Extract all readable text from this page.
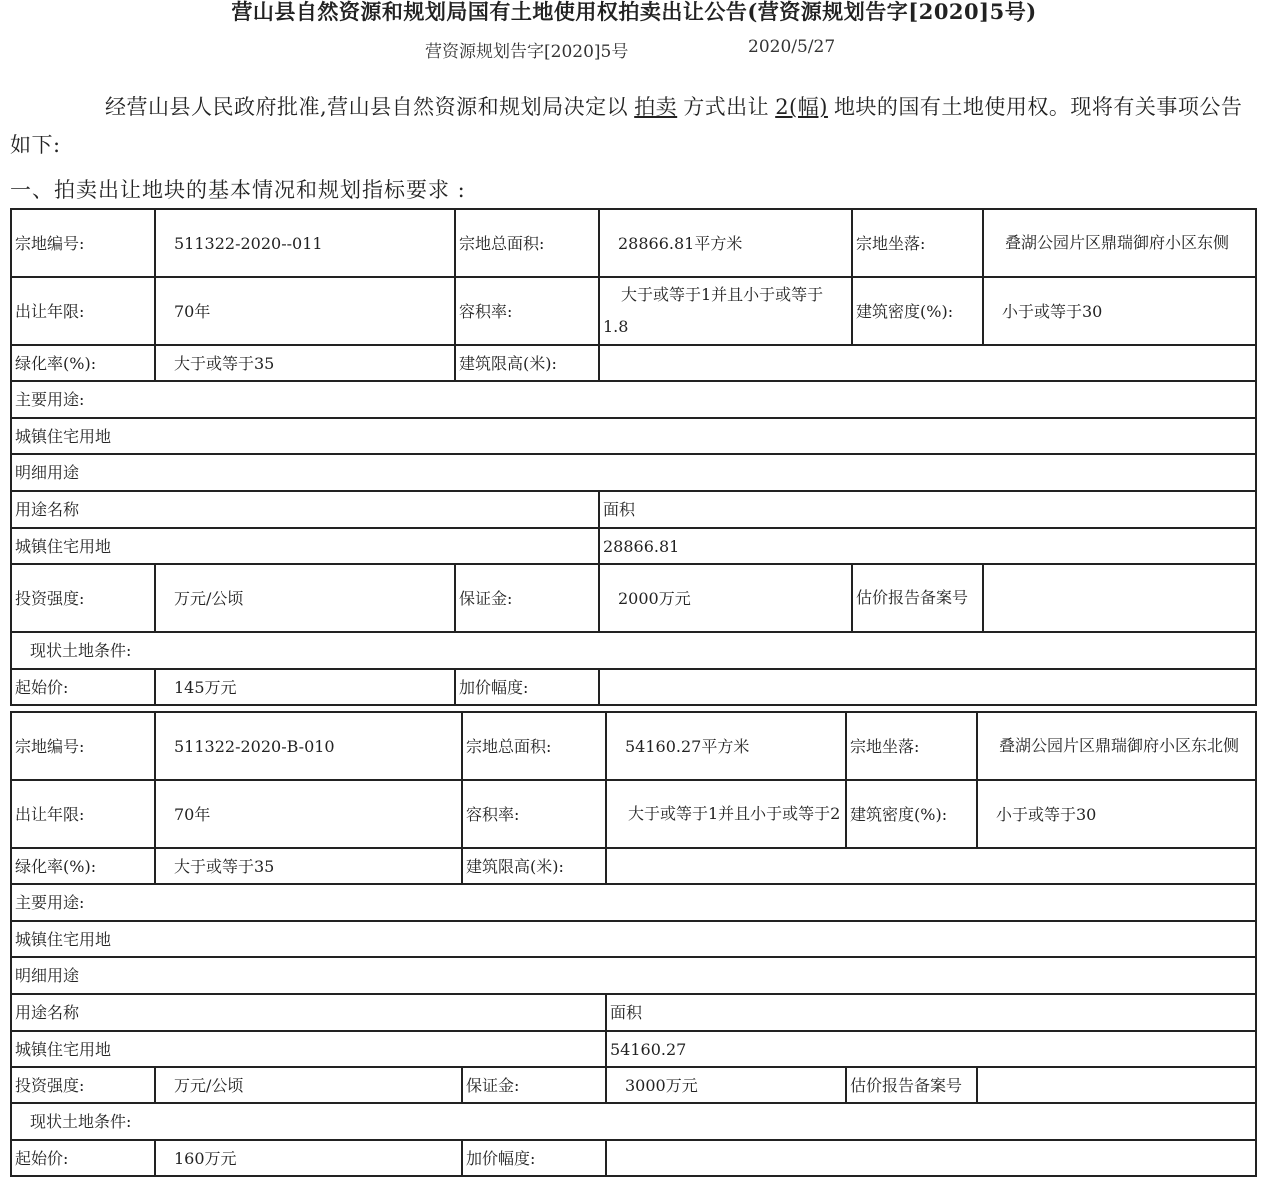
营山县自然资源和规划局国有土地使用权拍卖出让公告(营资源规划告字[2020]5号)
营资源规划告字[2020]5号	2020/5/27
经营山县人民政府批准,营山县自然资源和规划局决定以 拍卖 方式出让 2(幅) 地块的国有土地使用权。现将有关事项公告如下:
一、拍卖出让地块的基本情况和规划指标要求 :
宗地编号:	511322-2020--011	宗地总面积:	28866.81平方米	宗地坐落:	叠湖公园片区鼎瑞御府小区东侧
出让年限:	70年	容积率:	大于或等于1并且小于或等于1.8	建筑密度(%):	小于或等于30
绿化率(%):	大于或等于35	建筑限高(米):			
主要用途:					
城镇住宅用地					
明细用途					
用途名称			面积		
城镇住宅用地			28866.81		
投资强度:	万元/公顷	保证金:	2000万元	估价报告备案号	
现状土地条件:					
起始价:	145万元	加价幅度:			
宗地编号:	511322-2020-B-010	宗地总面积:	54160.27平方米	宗地坐落:	叠湖公园片区鼎瑞御府小区东北侧
出让年限:	70年	容积率:	大于或等于1并且小于或等于2	建筑密度(%):	小于或等于30
绿化率(%):	大于或等于35	建筑限高(米):			
主要用途:					
城镇住宅用地					
明细用途					
用途名称			面积		
城镇住宅用地			54160.27		
投资强度:	万元/公顷	保证金:	3000万元	估价报告备案号	
现状土地条件:					
起始价:	160万元	加价幅度:			
